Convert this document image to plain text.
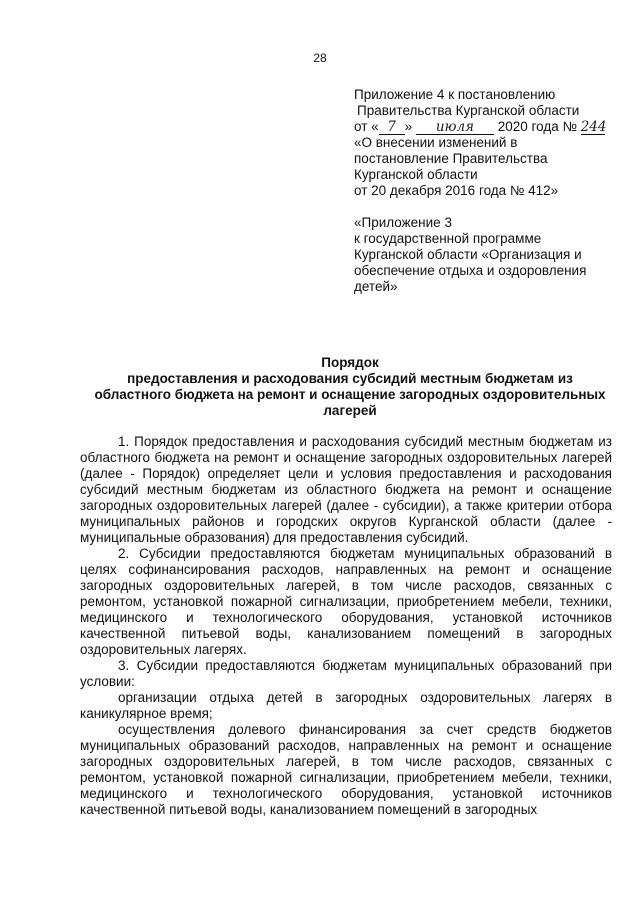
28
Приложение 4 к постановлению
Правительства Курганской области
от « 7 » июля 2020 года № 244
«О внесении изменений в
постановление Правительства
Курганской области
от 20 декабря 2016 года № 412»
«Приложение 3
к государственной программе
Курганской области «Организация и
обеспечение отдыха и оздоровления
детей»
Порядок
предоставления и расходования субсидий местным бюджетам из
областного бюджета на ремонт и оснащение загородных оздоровительных
лагерей

1. Порядок предоставления и расходования субсидий местным бюджетам из областного бюджета на ремонт и оснащение загородных оздоровительных лагерей (далее - Порядок) определяет цели и условия предоставления и расходования субсидий местным бюджетам из областного бюджета на ремонт и оснащение загородных оздоровительных лагерей (далее - субсидии), а также критерии отбора муниципальных районов и городских округов Курганской области (далее - муниципальные образования) для предоставления субсидий.

2. Субсидии предоставляются бюджетам муниципальных образований в целях софинансирования расходов, направленных на ремонт и оснащение загородных оздоровительных лагерей, в том числе расходов, связанных с ремонтом, установкой пожарной сигнализации, приобретением мебели, техники, медицинского и технологического оборудования, установкой источников качественной питьевой воды, канализованием помещений в загородных оздоровительных лагерях.

3. Субсидии предоставляются бюджетам муниципальных образований при условии:

организации отдыха детей в загородных оздоровительных лагерях в каникулярное время;

осуществления долевого финансирования за счет средств бюджетов муниципальных образований расходов, направленных на ремонт и оснащение загородных оздоровительных лагерей, в том числе расходов, связанных с ремонтом, установкой пожарной сигнализации, приобретением мебели, техники, медицинского и технологического оборудования, установкой источников качественной питьевой воды, канализованием помещений в загородных
